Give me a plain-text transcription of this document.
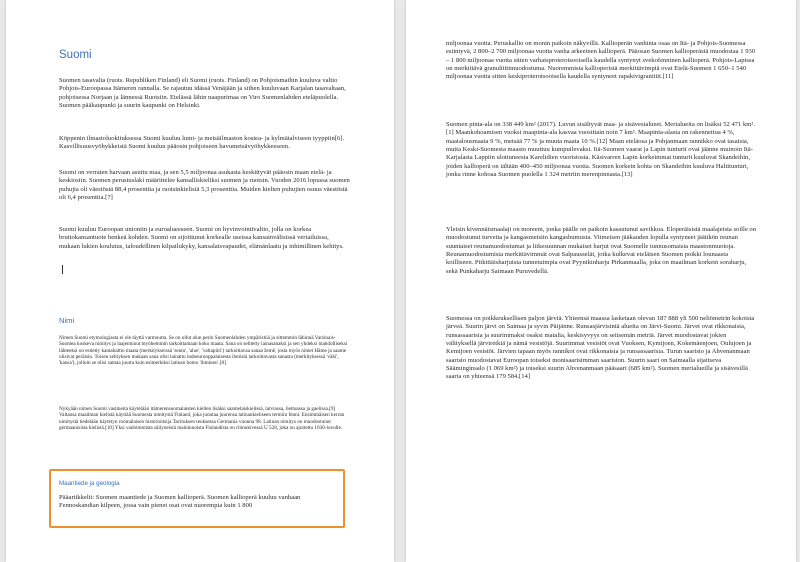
Suomi

Suomen tasavalta (ruots. Republiken Finland) eli Suomi (ruots. Finland) on Pohjoismaihin kuuluva valtio Pohjois-Euroopassa Itämeren rannalla. Se rajautuu idässä Venäjään ja siihen kuuluvaan Karjalan tasavaltaan, pohjoisessa Norjaan ja lännessä Ruotsiin. Etelässä lähin naapurimaa on Viro Suomenlahden eteläpuolella. Suomen pääkaupunki ja suurin kaupunki on Helsinki.

Köppenin ilmastoluokituksessa Suomi kuuluu lumi- ja metsäilmaston kostea- ja kylmätalviseen tyyppiin[6]. Kasvillisuusvyöhykkeistä Suomi kuuluu pääosin pohjoiseen havumetsävyöhykkeeseen.

Suomi on verraten harvaan asuttu maa, ja sen 5,5 miljoonaa asukasta keskittyvät pääosin maan etelä- ja keskiosiin. Suomen perustuslaki määrittelee kansalliskieliksi suomen ja ruotsin. Vuoden 2016 lopussa suomen puhujia oli väestöstä 88,4 prosenttia ja ruotsinkielisiä 5,3 prosenttia. Muiden kielten puhujien osuus väestöstä oli 6,4 prosenttia.[7]

Suomi kuuluu Euroopan unioniin ja euroalueeseen. Suomi on hyvinvointivaltio, jolla on korkea bruttokansantuote henkeä kohden. Suomi on sijoittunut korkealle useissa kansainvälisissä vertailuissa, mukaan lukien koulutus, taloudellinen kilpailukyky, kansalaisvapaudet, elämänlaatu ja inhimillinen kehitys.

Nimi

Nimen Suomi etymologiasta ei ole täyttä varmuutta. Se on ollut alun perin Suomenlahden ympäristöä ja sittemmin lähinnä Varsinais-Suomea koskeva nimitys ja laajentunut myöhemmin tarkoittamaan koko maata. Sana on selitetty lainasanaksi ja sen yhdeksi mahdolliseksi lähteeksi on esitetty kantabaltin maata (merkitykseissä 'seutu', 'alue', 'valtapiiri') tarkoittavaa sanaa žemē, josta myös nimet Häme ja saame olisivat peräisin. Toisen selityksen mukaan sana olisi lainattu indoeurooppalaisesta ihmistä tarkoittavasta sanasta (merkityksessä 'väki', 'kansa'), jolloin se olisi samaa juurta kuin esimerkiksi latinan homo 'ihminen'.[8]

Nykyään nimen Suomi vastineita käytetään itämerensuomalaisten kielten lisäksi saamelaiskielissä, latviassa, liettuassa ja gaelissa.[9] Valtaosa maailman kielistä käyttää Suomesta nimitystä Finland, joka juontaa juurensa latinankieliseen termiin fenni. Ensimmäisen kerran nimitystä tiedetään käytetyn roomalaisen historioitsija Tacituksen teoksessa Germania vuonna 98. Latinan nimitys on muodostunut germaanisista kielistä.[10] Yksi vanhimmista säilyneistä maininnoista Finlandista on riimukivessä U 528, joka on ajoitettu 1030-luvulle.

Maantiede ja geologia

Pääartikkelit: Suomen maantiede ja Suomen kallioperä. Suomen kallioperä kuuluu vanhaan Fennoskandian kilpeen, jossa vain pienet osat ovat nuorempia kuin 1 800

miljoonaa vuotta. Peruskallio on monin paikoin näkyvillä. Kallioperän vanhinta osaa on Itä- ja Pohjois-Suomessa esiintyvä, 2 800–2 700 miljoonaa vuotta vanha arkeeinen kallioperä. Pääosan Suomen kallioperästä muodostaa 1 930 – 1 800 miljoonaa vuotta sitten varhaisproterotsooisella kaudella syntynyt svekofenninen kallioperä. Pohjois-Lapissa on merkittävä granuliittimuodostuma. Nuoremmista kallioperistä merkittävimpiä ovat Etelä-Suomen 1 650–1 540 miljoonaa vuotta sitten keskiproterotsooisella kaudella syntyneet rapakivigraniitit.[11]

Suomen pinta-ala on 338 449 km² (2017). Luvun sisältyvät maa- ja sisävesialueet. Merialueita on lisäksi 52 471 km².[1] Maankohoamisen vuoksi maapinta-ala kasvaa vuosittain noin 7 km². Maapinta-alasta on rakennettua 4 %, maatalousmaata 9 %, metsää 77 % ja muuta maata 10 %.[12] Maan eteläosa ja Pohjanmaan rannikko ovat tasaisia, mutta Keski-Suomesta maasto muuttuu kumpuilevaksi. Itä-Suomen vaarat ja Lapin tunturit ovat jäänne muinoin Itä-Karjalasta Lappiin ulottuneesta Karelidien vuoristosta. Käsivarren Lapin korkeimmat tunturit kuuluvat Skandeihin, joiden kallioperä on iältään 400–450 miljoonaa vuotta. Suomen korkein kohta on Skandeihin kuuluva Haltitunturi, jonka rinne kohoaa Suomen puolella 1 324 metriin merenpinnasta.[13]

Yleisin kivennäismaalaji on moreeni, jonka päälle on paikoin kasautunut savikkoa. Eloperäisistä maalajeista soille on muodostunut turvetta ja kangasmetsiin kangashumusta. Viimeisen jääkauden lopulla syntyneet jäätikön reunan suuntaiset reunamuodostumat ja liikesuunnan mukaiset harjut ovat Suomelle tunnusomaisia maastonmuotoja. Reunamuodostumista merkittävimmät ovat Salpausselät, jotka kulkevat eteläisen Suomen poikki lounaasta koilliseen. Pitkittäisharjuista tunnetuimpia ovat Pyynikinharju Pirkanmaalla, joka on maailman korkein soraharju, sekä Punkaharju Saimaan Puruvedellä.

Suomessa on poikkeuksellisen paljon järviä. Yhteensä maassa lasketaan olevan 187 888 yli 500 neliömetrin kokoista järveä. Suurin järvi on Saimaa ja syvin Päijänne. Runsasjärvisintä aluetta on Järvi-Suomi. Järvet ovat rikkonaisia, runsassaarisia ja suurimmaksi osaksi matalia, keskisyvyys on seitsemän metriä. Järvet muodostavat jokien välityksellä järviretkiä ja nämä vesistöjä. Suurimmat vesistöt ovat Vuoksen, Kymijoen, Kokemäenjoen, Oulujoen ja Kemijoen vesistöt. Järvien tapaan myös rannikot ovat rikkonaisia ja runsassaarisia. Turun saaristo ja Ahvenanmaan saaristo muodostavat Euroopan toiseksi monisaarisimman saariston. Suurin saari on Saimaalla sijaitseva Sääminginsalo (1 069 km²) ja toiseksi suurin Ahvenanmaan pääsaari (685 km²). Suomen merialueilla ja sisävesillä saaria on yhteensä 179 584.[14]
